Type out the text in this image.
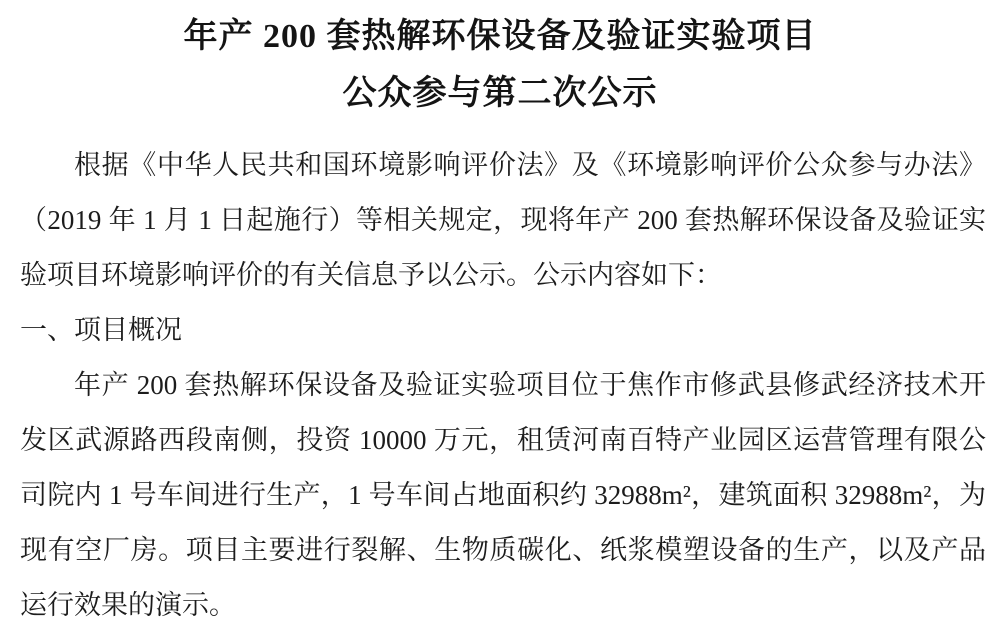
年产 200 套热解环保设备及验证实验项目
公众参与第二次公示

根据《中华人民共和国环境影响评价法》及《环境影响评价公众参与办法》（2019 年 1 月 1 日起施行）等相关规定，现将年产 200 套热解环保设备及验证实验项目环境影响评价的有关信息予以公示。公示内容如下：

一、项目概况

年产 200 套热解环保设备及验证实验项目位于焦作市修武县修武经济技术开发区武源路西段南侧，投资 10000 万元，租赁河南百特产业园区运营管理有限公司院内 1 号车间进行生产，1 号车间占地面积约 32988m²，建筑面积 32988m²，为现有空厂房。项目主要进行裂解、生物质碳化、纸浆模塑设备的生产，以及产品运行效果的演示。
